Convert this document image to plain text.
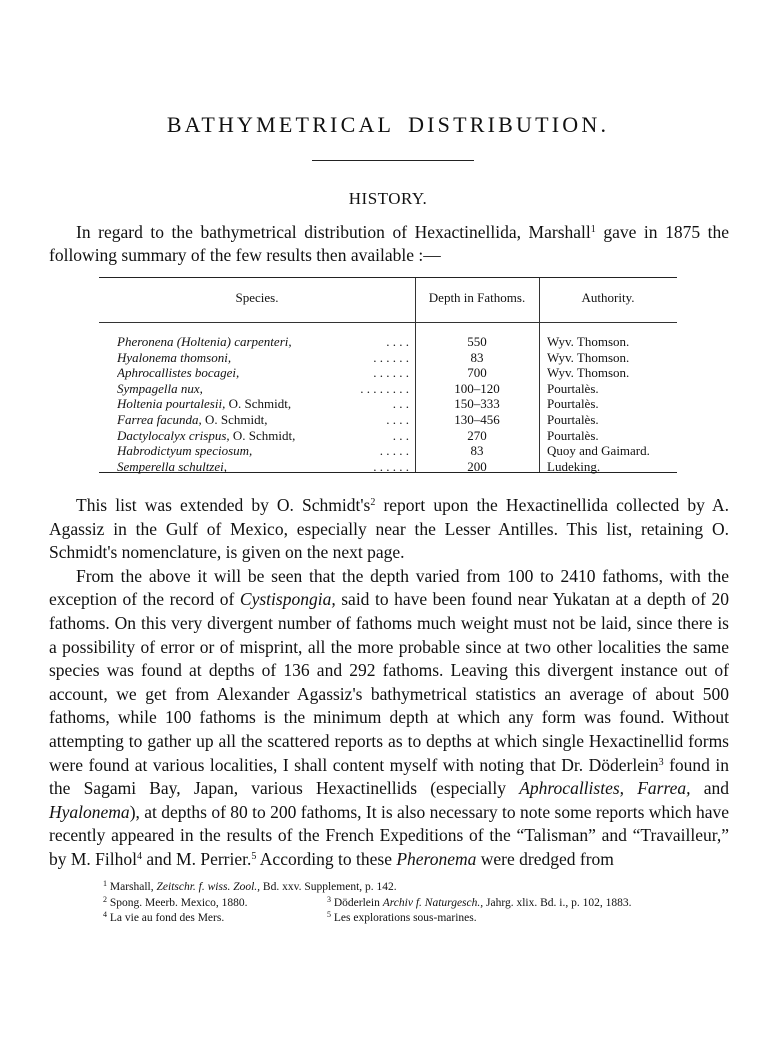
BATHYMETRICAL DISTRIBUTION.
HISTORY.

In regard to the bathymetrical distribution of Hexactinellida, Marshall$^1$ gave in 1875 the following summary of the few results then available :—

Species.	Depth in Fathoms.	Authority.
Pheronena (Holtenia) carpenteri,	. . . .	550	Wyv. Thomson.
Hyalonema thomsoni,	. . . . . .	83	Wyv. Thomson.
Aphrocallistes bocagei,	. . . . . .	700	Wyv. Thomson.
Sympagella nux,	. . . . . . . .	100–120	Pourtalès.
Holtenia pourtalesii, O. Schmidt,	. . .	150–333	Pourtalès.
Farrea facunda, O. Schmidt,	. . . .	130–456	Pourtalès.
Dactylocalyx crispus, O. Schmidt,	. . .	270	Pourtalès.
Habrodictyum speciosum,	. . . . .	83	Quoy and Gaimard.
Semperella schultzei,	. . . . . .	200	Ludeking.

This list was extended by O. $Schmidt's^2$ report upon the Hexactinellida collected by A. Agassiz in the Gulf of Mexico, especially near the Lesser Antilles. This list, retaining O. Schmidt's nomenclature, is given on the next page.

From the above it will be seen that the depth varied from 100 to 2410 fathoms, with the exception of the record of Cystispongia, said to have been found near Yukatan at a depth of 20 fathoms. On this very divergent number of fathoms much weight must not be laid, since there is a possibility of error or of misprint, all the more probable since at two other localities the same species was found at depths of 136 and 292 fathoms. Leaving this divergent instance out of account, we get from Alexander Agassiz's bathymetrical statistics an average of about 500 fathoms, while 100 fathoms is the minimum depth at which any form was found. Without attempting to gather up all the scattered reports as to depths at which single Hexactinellid forms were found at various localities, I shall content myself with noting that Dr. Döderlein$^3$ found in the Sagami Bay, Japan, various Hexactinellids (especially Aphrocallistes, Farrea, and Hyalonema), at depths of 80 to 200 fathoms, It is also necessary to note some reports which have recently appeared in the results of the French Expeditions of the “Talisman” and “Travailleur,” by M. Filhol$^4$ and M. Perrier.$^5$ According to these Pheronema were dredged from

$^1$ Marshall, Zeitschr. f. wiss. Zool., Bd. xxv. Supplement, p. 142.
$^2$ Spong. Meerb. Mexico, 1880.	$^3$ Döderlein Archiv f. Naturgesch., Jahrg. xlix. Bd. i., p. 102, 1883.
$^4$ La vie au fond des Mers.	$^5$ Les explorations sous-marines.
